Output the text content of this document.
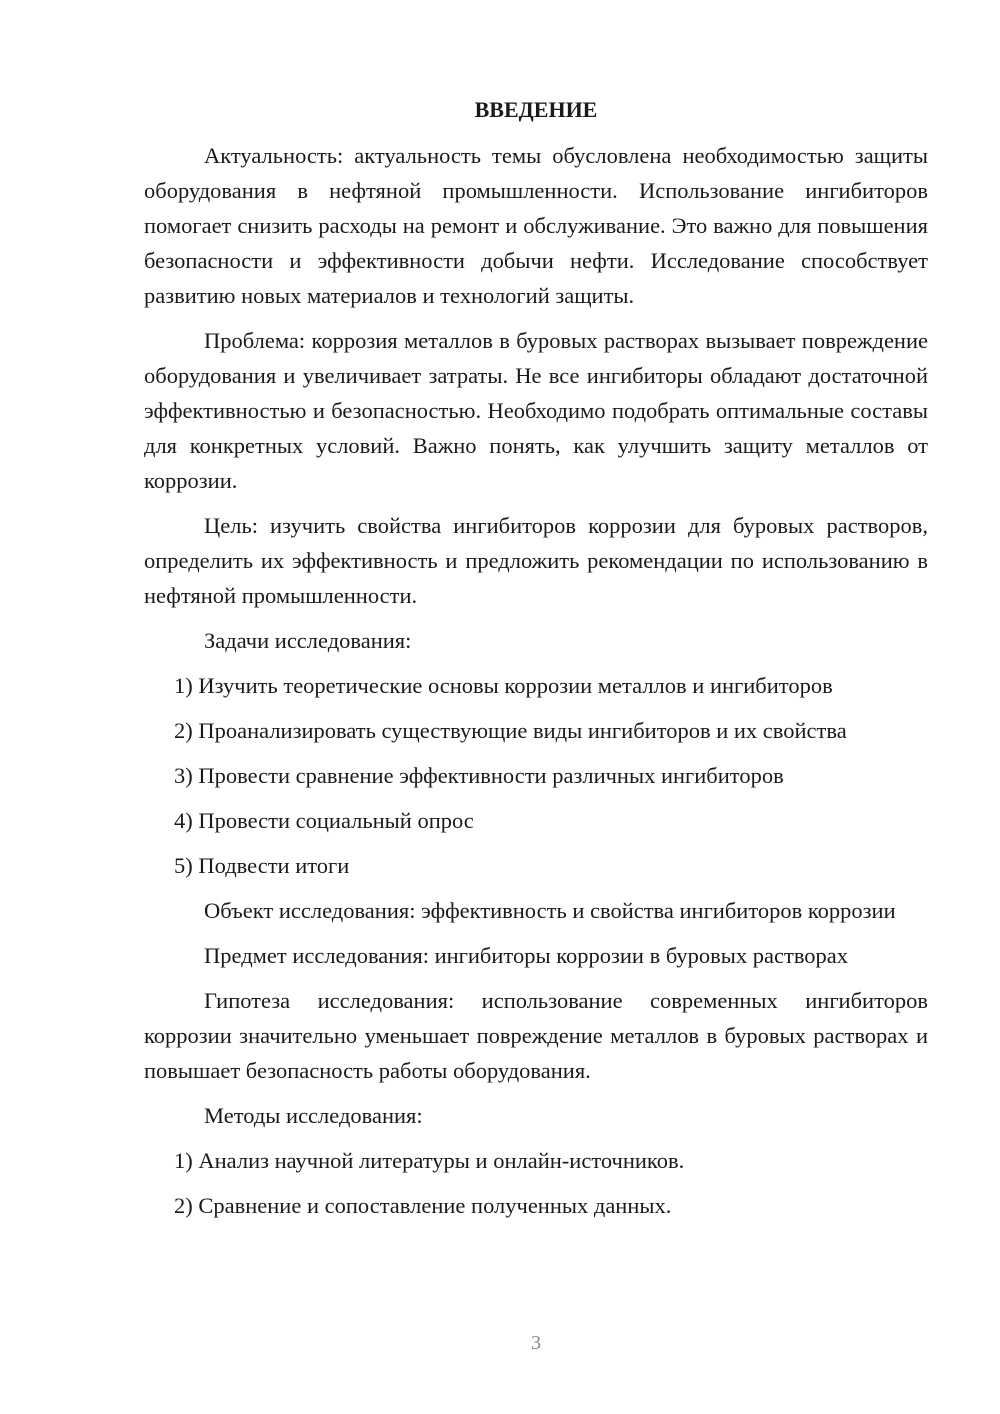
ВВЕДЕНИЕ

Актуальность: актуальность темы обусловлена необходимостью защиты оборудования в нефтяной промышленности. Использование ингибиторов помогает снизить расходы на ремонт и обслуживание. Это важно для повышения безопасности и эффективности добычи нефти. Исследование способствует развитию новых материалов и технологий защиты.

Проблема: коррозия металлов в буровых растворах вызывает повреждение оборудования и увеличивает затраты. Не все ингибиторы обладают достаточной эффективностью и безопасностью. Необходимо подобрать оптимальные составы для конкретных условий. Важно понять, как улучшить защиту металлов от коррозии.

Цель: изучить свойства ингибиторов коррозии для буровых растворов, определить их эффективность и предложить рекомендации по использованию в нефтяной промышленности.

Задачи исследования:
1) Изучить теоретические основы коррозии металлов и ингибиторов
2) Проанализировать существующие виды ингибиторов и их свойства
3) Провести сравнение эффективности различных ингибиторов
4) Провести социальный опрос
5) Подвести итоги

Объект исследования: эффективность и свойства ингибиторов коррозии

Предмет исследования: ингибиторы коррозии в буровых растворах

Гипотеза исследования: использование современных ингибиторов коррозии значительно уменьшает повреждение металлов в буровых растворах и повышает безопасность работы оборудования.

Методы исследования:
1) Анализ научной литературы и онлайн-источников.
2) Сравнение и сопоставление полученных данных.
3
